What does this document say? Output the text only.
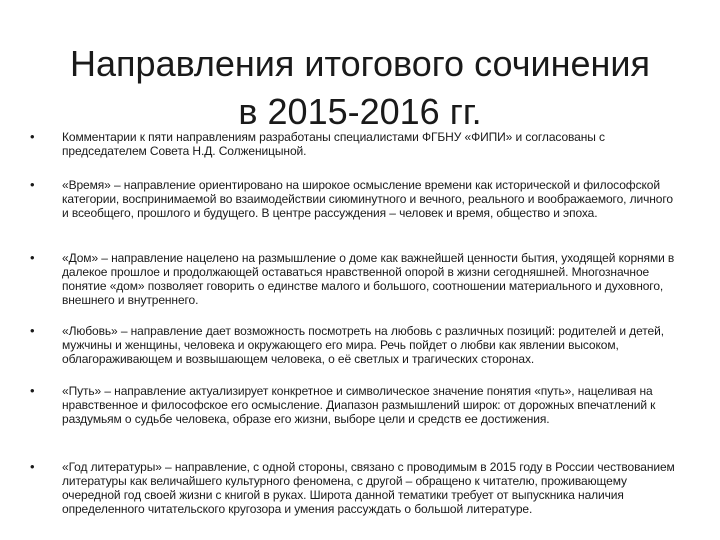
Направления итогового сочинения
в 2015-2016 гг.
• Комментарии к пяти направлениям разработаны специалистами ФГБНУ «ФИПИ» и согласованы с председателем Совета Н.Д. Солженицыной.
• «Время» – направление ориентировано на широкое осмысление времени как исторической и философской категории, воспринимаемой во взаимодействии сиюминутного и вечного, реального и воображаемого, личного и всеобщего, прошлого и будущего. В центре рассуждения – человек и время, общество и эпоха.
• «Дом» – направление нацелено на размышление о доме как важнейшей ценности бытия, уходящей корнями в далекое прошлое и продолжающей оставаться нравственной опорой в жизни сегодняшней. Многозначное понятие «дом» позволяет говорить о единстве малого и большого, соотношении материального и духовного, внешнего и внутреннего.
• «Любовь» – направление дает возможность посмотреть на любовь с различных позиций: родителей и детей, мужчины и женщины, человека и окружающего его мира. Речь пойдет о любви как явлении высоком, облагораживающем и возвышающем человека, о её светлых и трагических сторонах.
• «Путь» – направление актуализирует конкретное и символическое значение понятия «путь», нацеливая на нравственное и философское его осмысление. Диапазон размышлений широк: от дорожных впечатлений к раздумьям о судьбе человека, образе его жизни, выборе цели и средств ее достижения.
• «Год литературы» – направление, с одной стороны, связано с проводимым в 2015 году в России чествованием литературы как величайшего культурного феномена, с другой – обращено к читателю, проживающему очередной год своей жизни с книгой в руках. Широта данной тематики требует от выпускника наличия определенного читательского кругозора и умения рассуждать о большой литературе.
